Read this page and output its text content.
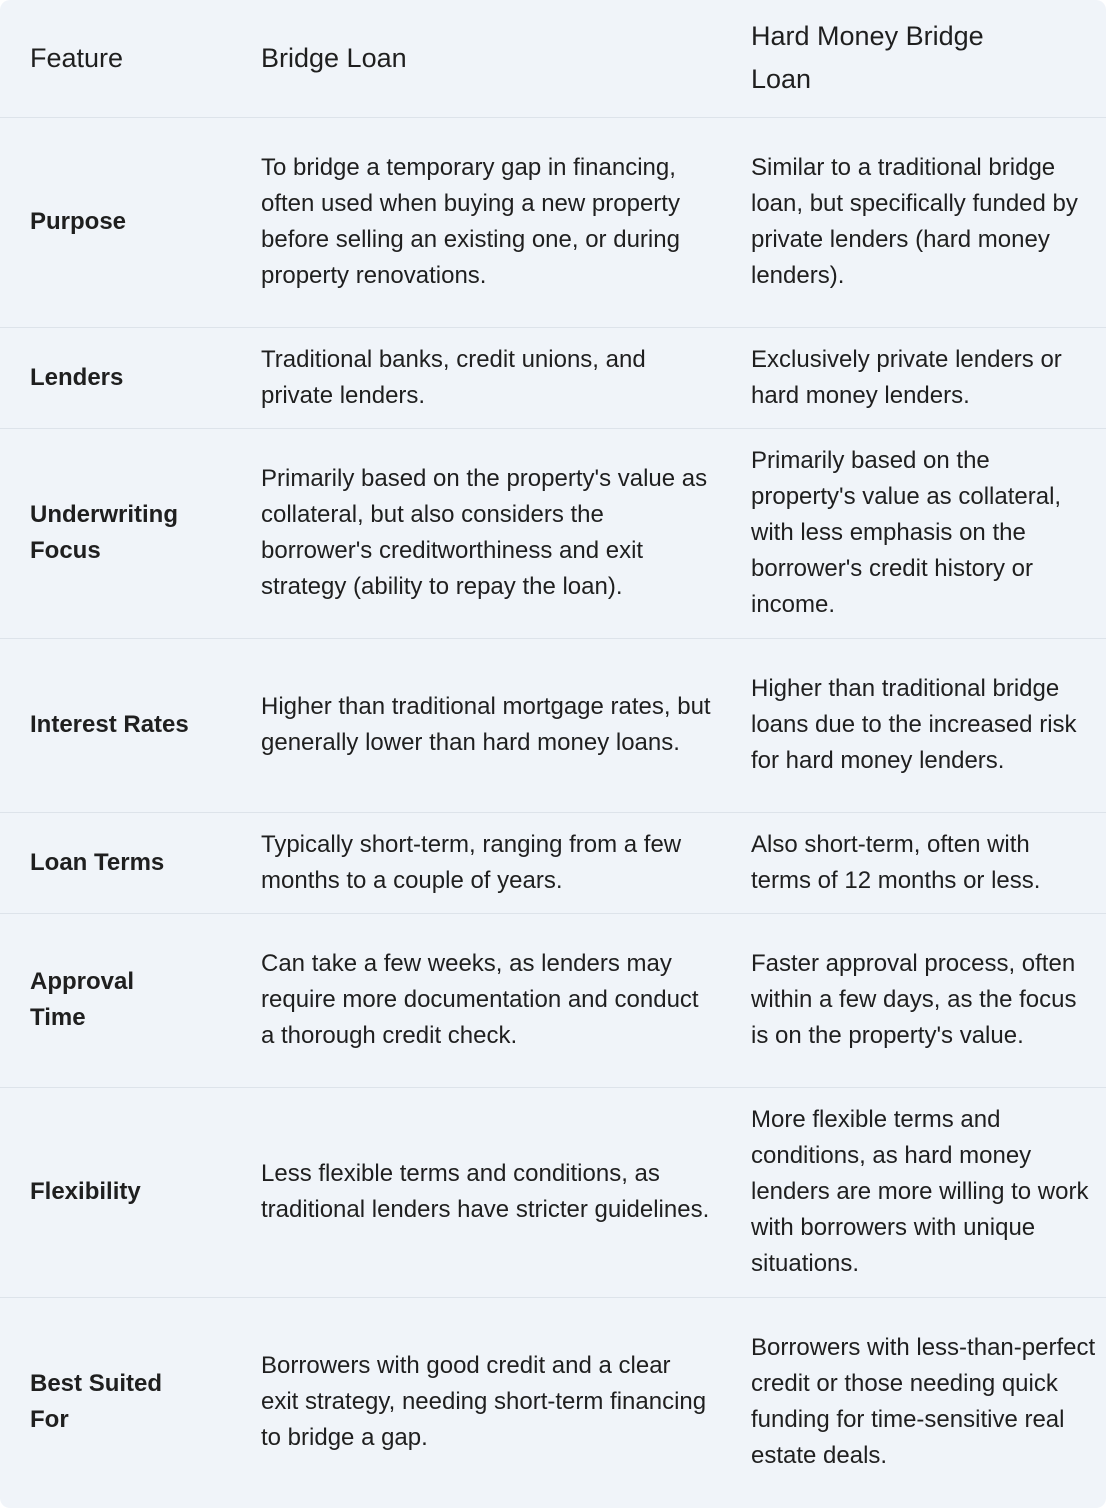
Feature	Bridge Loan	Hard Money Bridge Loan
Purpose	To bridge a temporary gap in financing, often used when buying a new property before selling an existing one, or during property renovations.	Similar to a traditional bridge loan, but specifically funded by private lenders (hard money lenders).
Lenders	Traditional banks, credit unions, and private lenders.	Exclusively private lenders or hard money lenders.
Underwriting Focus	Primarily based on the property's value as collateral, but also considers the borrower's creditworthiness and exit strategy (ability to repay the loan).	Primarily based on the property's value as collateral, with less emphasis on the borrower's credit history or income.
Interest Rates	Higher than traditional mortgage rates, but generally lower than hard money loans.	Higher than traditional bridge loans due to the increased risk for hard money lenders.
Loan Terms	Typically short-term, ranging from a few months to a couple of years.	Also short-term, often with terms of 12 months or less.
Approval Time	Can take a few weeks, as lenders may require more documentation and conduct a thorough credit check.	Faster approval process, often within a few days, as the focus is on the property's value.
Flexibility	Less flexible terms and conditions, as traditional lenders have stricter guidelines.	More flexible terms and conditions, as hard money lenders are more willing to work with borrowers with unique situations.
Best Suited For	Borrowers with good credit and a clear exit strategy, needing short-term financing to bridge a gap.	Borrowers with less-than-perfect credit or those needing quick funding for time-sensitive real estate deals.
